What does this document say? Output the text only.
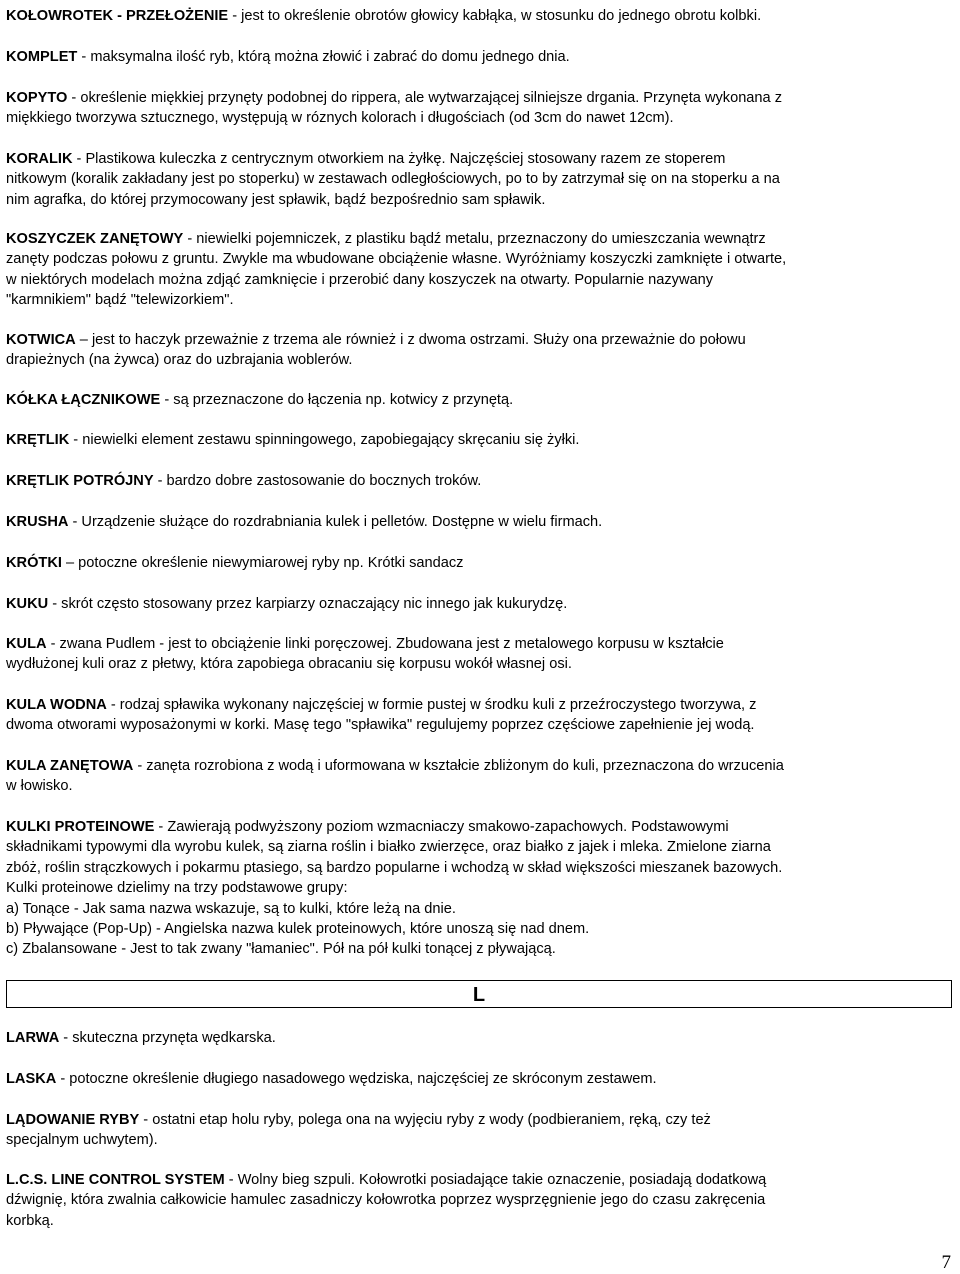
KOŁOWROTEK - PRZEŁOŻENIE - jest to określenie obrotów głowicy kabłąka, w stosunku do jednego obrotu kolbki.

KOMPLET - maksymalna ilość ryb, którą można złowić i zabrać do domu jednego dnia.

KOPYTO - określenie miękkiej przynęty podobnej do rippera, ale wytwarzającej silniejsze drgania. Przynęta wykonana z
miękkiego tworzywa sztucznego, występują w róznych kolorach i długościach (od 3cm do nawet 12cm).

KORALIK - Plastikowa kuleczka z centrycznym otworkiem na żyłkę. Najczęściej stosowany razem ze stoperem
nitkowym (koralik zakładany jest po stoperku) w zestawach odległościowych, po to by zatrzymał się on na stoperku a na
nim agrafka, do której przymocowany jest spławik, bądź bezpośrednio sam spławik.

KOSZYCZEK ZANĘTOWY - niewielki pojemniczek, z plastiku bądź metalu, przeznaczony do umieszczania wewnątrz
zanęty podczas połowu z gruntu. Zwykle ma wbudowane obciążenie własne. Wyróżniamy koszyczki zamknięte i otwarte,
w niektórych modelach można zdjąć zamknięcie i przerobić dany koszyczek na otwarty. Popularnie nazywany
"karmnikiem" bądź "telewizorkiem".

KOTWICA – jest to haczyk przeważnie z trzema ale również i z dwoma ostrzami. Służy ona przeważnie do połowu
drapieżnych (na żywca) oraz do uzbrajania woblerów.

KÓŁKA ŁĄCZNIKOWE - są przeznaczone do łączenia np. kotwicy z przynętą.

KRĘTLIK - niewielki element zestawu spinningowego, zapobiegający skręcaniu się żyłki.

KRĘTLIK POTRÓJNY - bardzo dobre zastosowanie do bocznych troków.

KRUSHA - Urządzenie służące do rozdrabniania kulek i pelletów. Dostępne w wielu firmach.

KRÓTKI – potoczne określenie niewymiarowej ryby np. Krótki sandacz

KUKU - skrót często stosowany przez karpiarzy oznaczający nic innego jak kukurydzę.

KULA - zwana Pudlem - jest to obciążenie linki poręczowej. Zbudowana jest z metalowego korpusu w kształcie
wydłużonej kuli oraz z płetwy, która zapobiega obracaniu się korpusu wokół własnej osi.

KULA WODNA - rodzaj spławika wykonany najczęściej w formie pustej w środku kuli z przeźroczystego tworzywa, z
dwoma otworami wyposażonymi w korki. Masę tego "spławika" regulujemy poprzez częściowe zapełnienie jej wodą.

KULA ZANĘTOWA - zanęta rozrobiona z wodą i uformowana w kształcie zbliżonym do kuli, przeznaczona do wrzucenia
w łowisko.

KULKI PROTEINOWE - Zawierają podwyższony poziom wzmacniaczy smakowo-zapachowych. Podstawowymi
składnikami typowymi dla wyrobu kulek, są ziarna roślin i białko zwierzęce, oraz białko z jajek i mleka. Zmielone ziarna
zbóż, roślin strączkowych i pokarmu ptasiego, są bardzo popularne i wchodzą w skład większości mieszanek bazowych.
Kulki proteinowe dzielimy na trzy podstawowe grupy:
a) Tonące - Jak sama nazwa wskazuje, są to kulki, które leżą na dnie.
b) Pływające (Pop-Up) - Angielska nazwa kulek proteinowych, które unoszą się nad dnem.
c) Zbalansowane - Jest to tak zwany "łamaniec". Pół na pół kulki tonącej z pływającą.

LARWA - skuteczna przynęta wędkarska.

LASKA - potoczne określenie długiego nasadowego wędziska, najczęściej ze skróconym zestawem.

LĄDOWANIE RYBY - ostatni etap holu ryby, polega ona na wyjęciu ryby z wody (podbieraniem, ręką, czy też
specjalnym uchwytem).

L.C.S. LINE CONTROL SYSTEM - Wolny bieg szpuli. Kołowrotki posiadające takie oznaczenie, posiadają dodatkową
dźwignię, która zwalnia całkowicie hamulec zasadniczy kołowrotka poprzez wysprzęgnienie jego do czasu zakręcenia
korbką.

L
7
